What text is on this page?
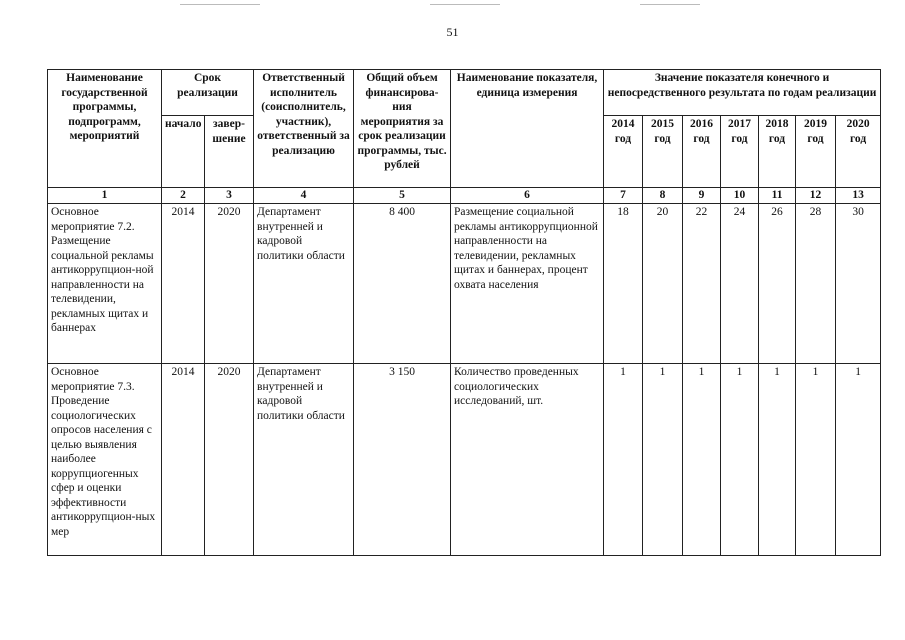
51
Наименование государственной программы, подпрограмм, мероприятий	Срок реализации		Ответственный исполнитель (соисполнитель, участник), ответственный за реализацию	Общий объем финансирова-ния мероприятия за срок реализации программы, тыс. рублей	Наименование показателя, единица измерения	Значение показателя конечного и непосредственного результата по годам реализации						
	начало	завер-шение				2014 год	2015 год	2016 год	2017 год	2018 год	2019 год	2020 год
1	2	3	4	5	6	7	8	9	10	11	12	13
Основное мероприятие 7.2. Размещение социальной рекламы антикоррупцион-ной направленности на телевидении, рекламных щитах и баннерах	2014	2020	Департамент внутренней и кадровой политики области	8 400	Размещение социальной рекламы антикоррупционной направленности на телевидении, рекламных щитах и баннерах, процент охвата населения	18	20	22	24	26	28	30
Основное мероприятие 7.3. Проведение социологических опросов населения с целью выявления наиболее коррупциогенных сфер и оценки эффективности антикоррупцион-ных мер	2014	2020	Департамент внутренней и кадровой политики области	3 150	Количество проведенных социологических исследований, шт.	1	1	1	1	1	1	1
